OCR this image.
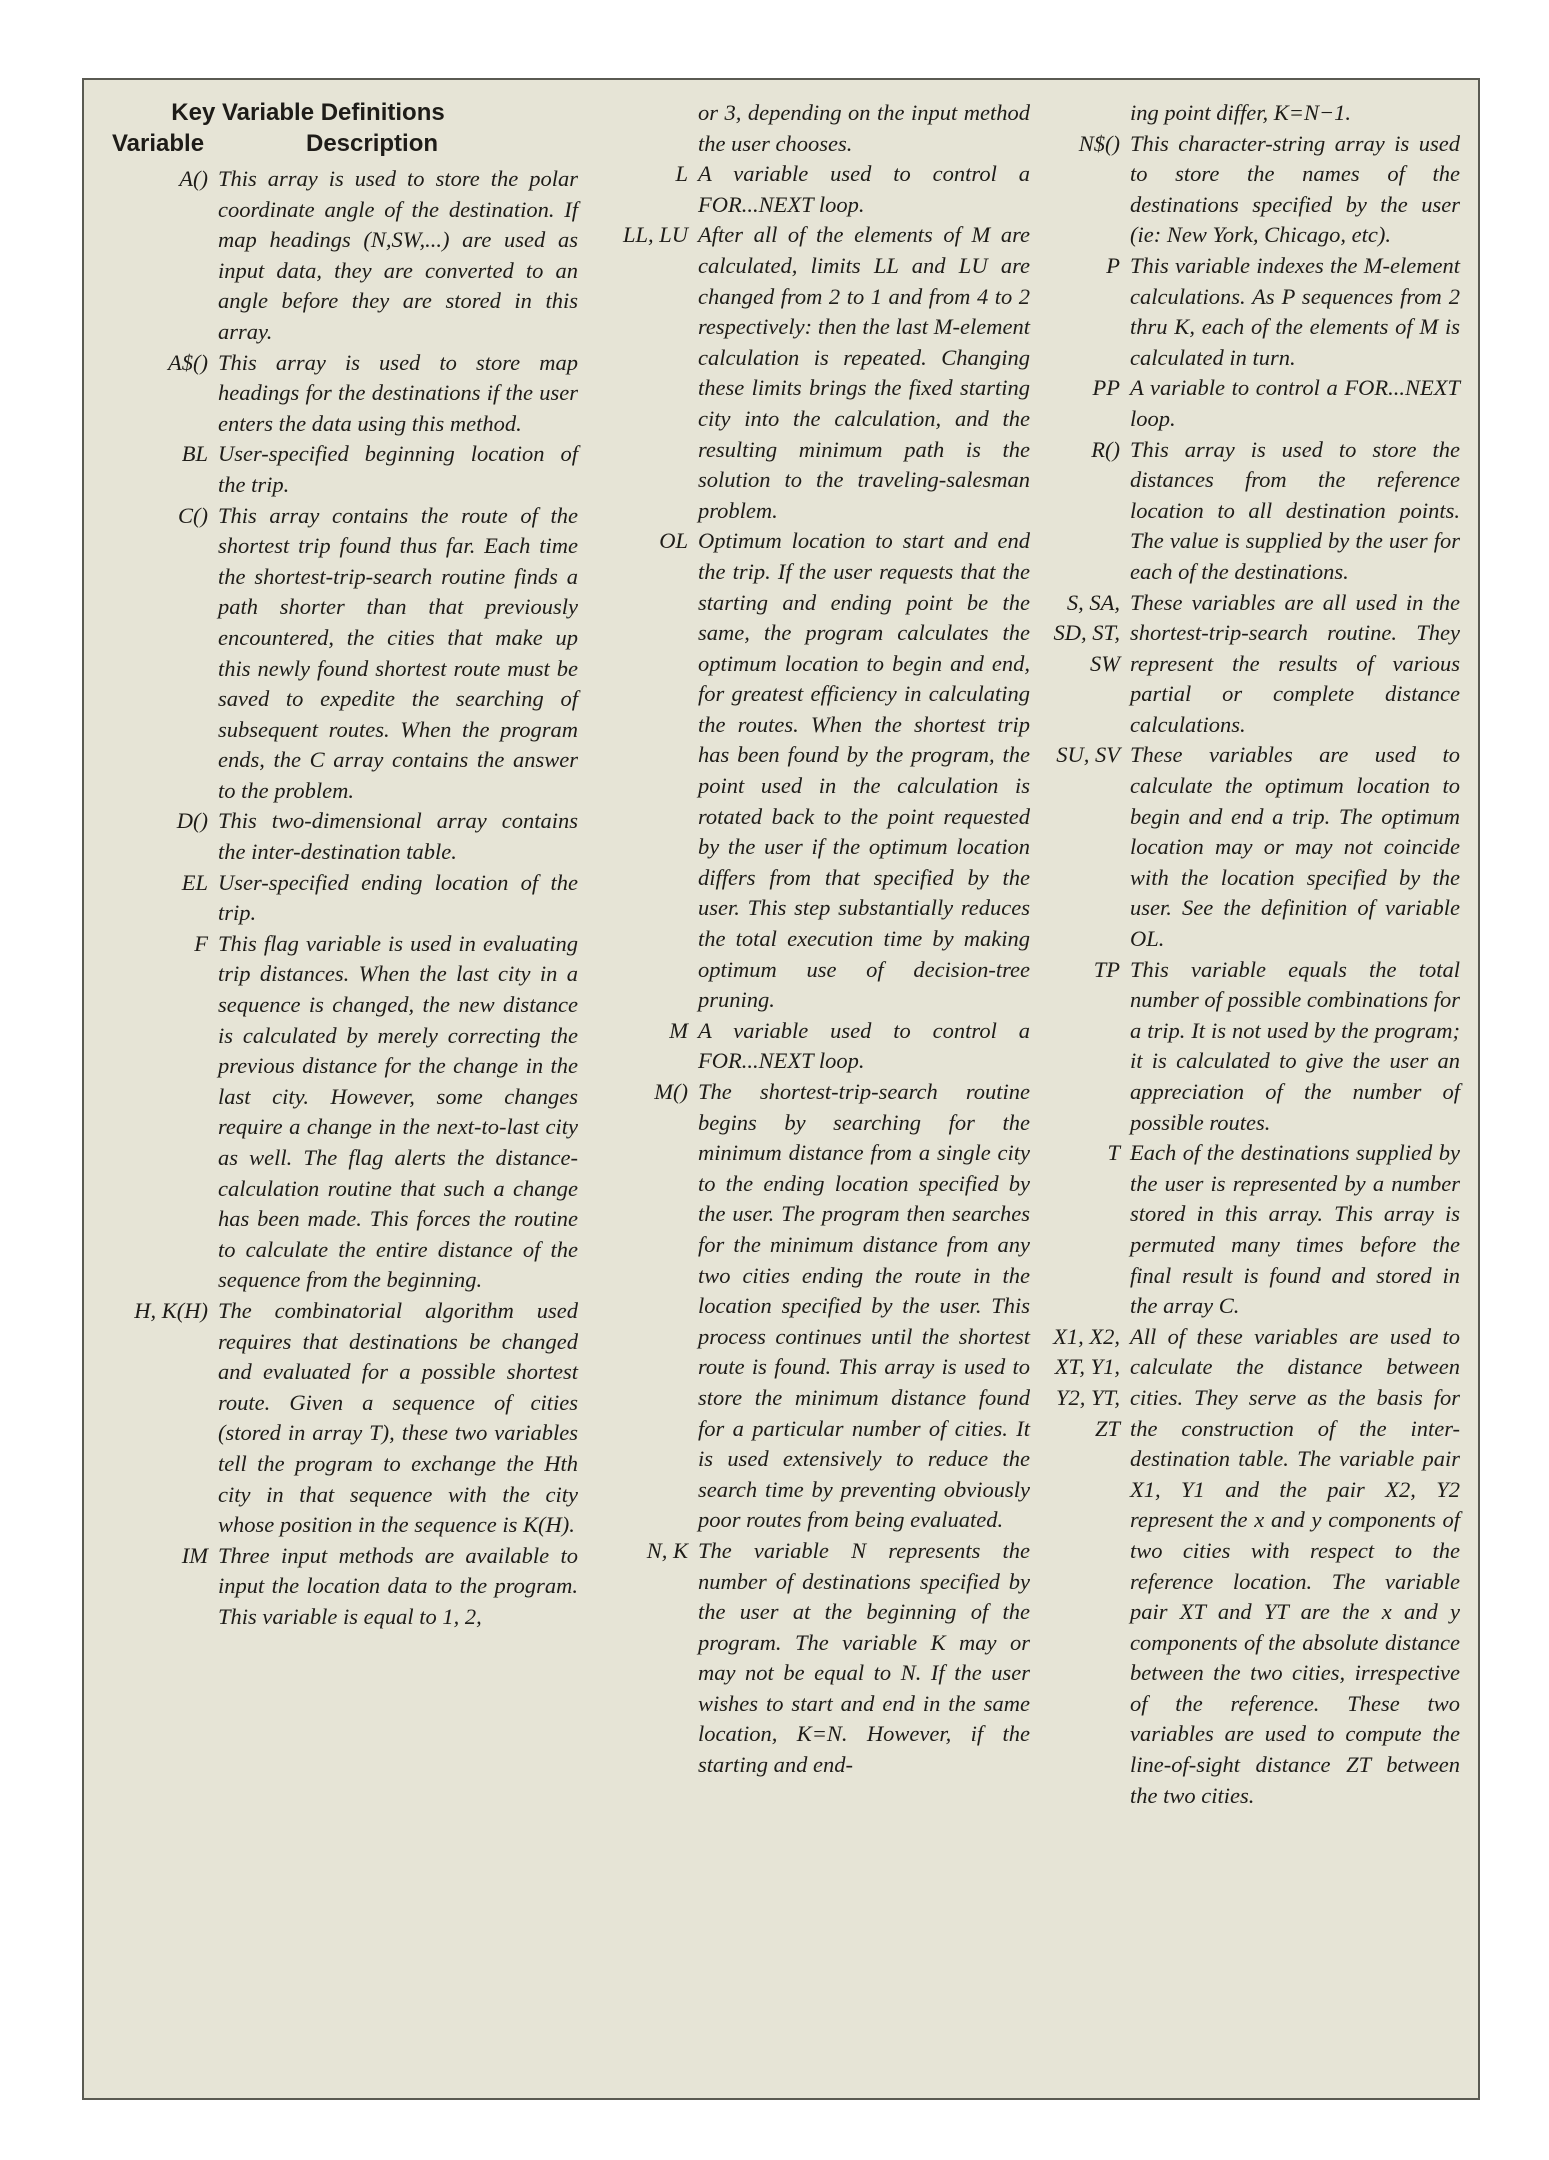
Key Variable Definitions
Variable	Description
A() This array is used to store the polar coordinate angle of the destination. If map headings (N,SW,...) are used as input data, they are converted to an angle before they are stored in this array.
A$() This array is used to store map headings for the destinations if the user enters the data using this method.
BL User-specified beginning location of the trip.
C() This array contains the route of the shortest trip found thus far. Each time the shortest-trip-search routine finds a path shorter than that previously encountered, the cities that make up this newly found shortest route must be saved to expedite the searching of subsequent routes. When the program ends, the C array contains the answer to the problem.
D() This two-dimensional array contains the inter-destination table.
EL User-specified ending location of the trip.
F This flag variable is used in evaluating trip distances. When the last city in a sequence is changed, the new distance is calculated by merely correcting the previous distance for the change in the last city. However, some changes require a change in the next-to-last city as well. The flag alerts the distance-calculation routine that such a change has been made. This forces the routine to calculate the entire distance of the sequence from the beginning.
H, K(H) The combinatorial algorithm used requires that destinations be changed and evaluated for a possible shortest route. Given a sequence of cities (stored in array T), these two variables tell the program to exchange the Hth city in that sequence with the city whose position in the sequence is K(H).
IM Three input methods are available to input the location data to the program. This variable is equal to 1, 2,
or 3, depending on the input method the user chooses.
L A variable used to control a FOR...NEXT loop.
LL, LU After all of the elements of M are calculated, limits LL and LU are changed from 2 to 1 and from 4 to 2 respectively: then the last M-element calculation is repeated. Changing these limits brings the fixed starting city into the calculation, and the resulting minimum path is the solution to the traveling-salesman problem.
OL Optimum location to start and end the trip. If the user requests that the starting and ending point be the same, the program calculates the optimum location to begin and end, for greatest efficiency in calculating the routes. When the shortest trip has been found by the program, the point used in the calculation is rotated back to the point requested by the user if the optimum location differs from that specified by the user. This step substantially reduces the total execution time by making optimum use of decision-tree pruning.
M A variable used to control a FOR...NEXT loop.
M() The shortest-trip-search routine begins by searching for the minimum distance from a single city to the ending location specified by the user. The program then searches for the minimum distance from any two cities ending the route in the location specified by the user. This process continues until the shortest route is found. This array is used to store the minimum distance found for a particular number of cities. It is used extensively to reduce the search time by preventing obviously poor routes from being evaluated.
N, K The variable N represents the number of destinations specified by the user at the beginning of the program. The variable K may or may not be equal to N. If the user wishes to start and end in the same location, K=N. However, if the starting and end-
ing point differ, K=N−1.
N$() This character-string array is used to store the names of the destinations specified by the user (ie: New York, Chicago, etc).
P This variable indexes the M-element calculations. As P sequences from 2 thru K, each of the elements of M is calculated in turn.
PP A variable to control a FOR...NEXT loop.
R() This array is used to store the distances from the reference location to all destination points. The value is supplied by the user for each of the destinations.
S, SA, SD, ST, SW
These variables are all used in the shortest-trip-search routine. They represent the results of various partial or complete distance calculations.
SU, SV These variables are used to calculate the optimum location to begin and end a trip. The optimum location may or may not coincide with the location specified by the user. See the definition of variable OL.
TP This variable equals the total number of possible combinations for a trip. It is not used by the program; it is calculated to give the user an appreciation of the number of possible routes.
T Each of the destinations supplied by the user is represented by a number stored in this array. This array is permuted many times before the final result is found and stored in the array C.
X1, X2, XT, Y1, Y2, YT, ZT
All of these variables are used to calculate the distance between cities. They serve as the basis for the construction of the inter-destination table. The variable pair X1, Y1 and the pair X2, Y2 represent the x and y components of two cities with respect to the reference location. The variable pair XT and YT are the x and y components of the absolute distance between the two cities, irrespective of the reference. These two variables are used to compute the line-of-sight distance ZT between the two cities.
